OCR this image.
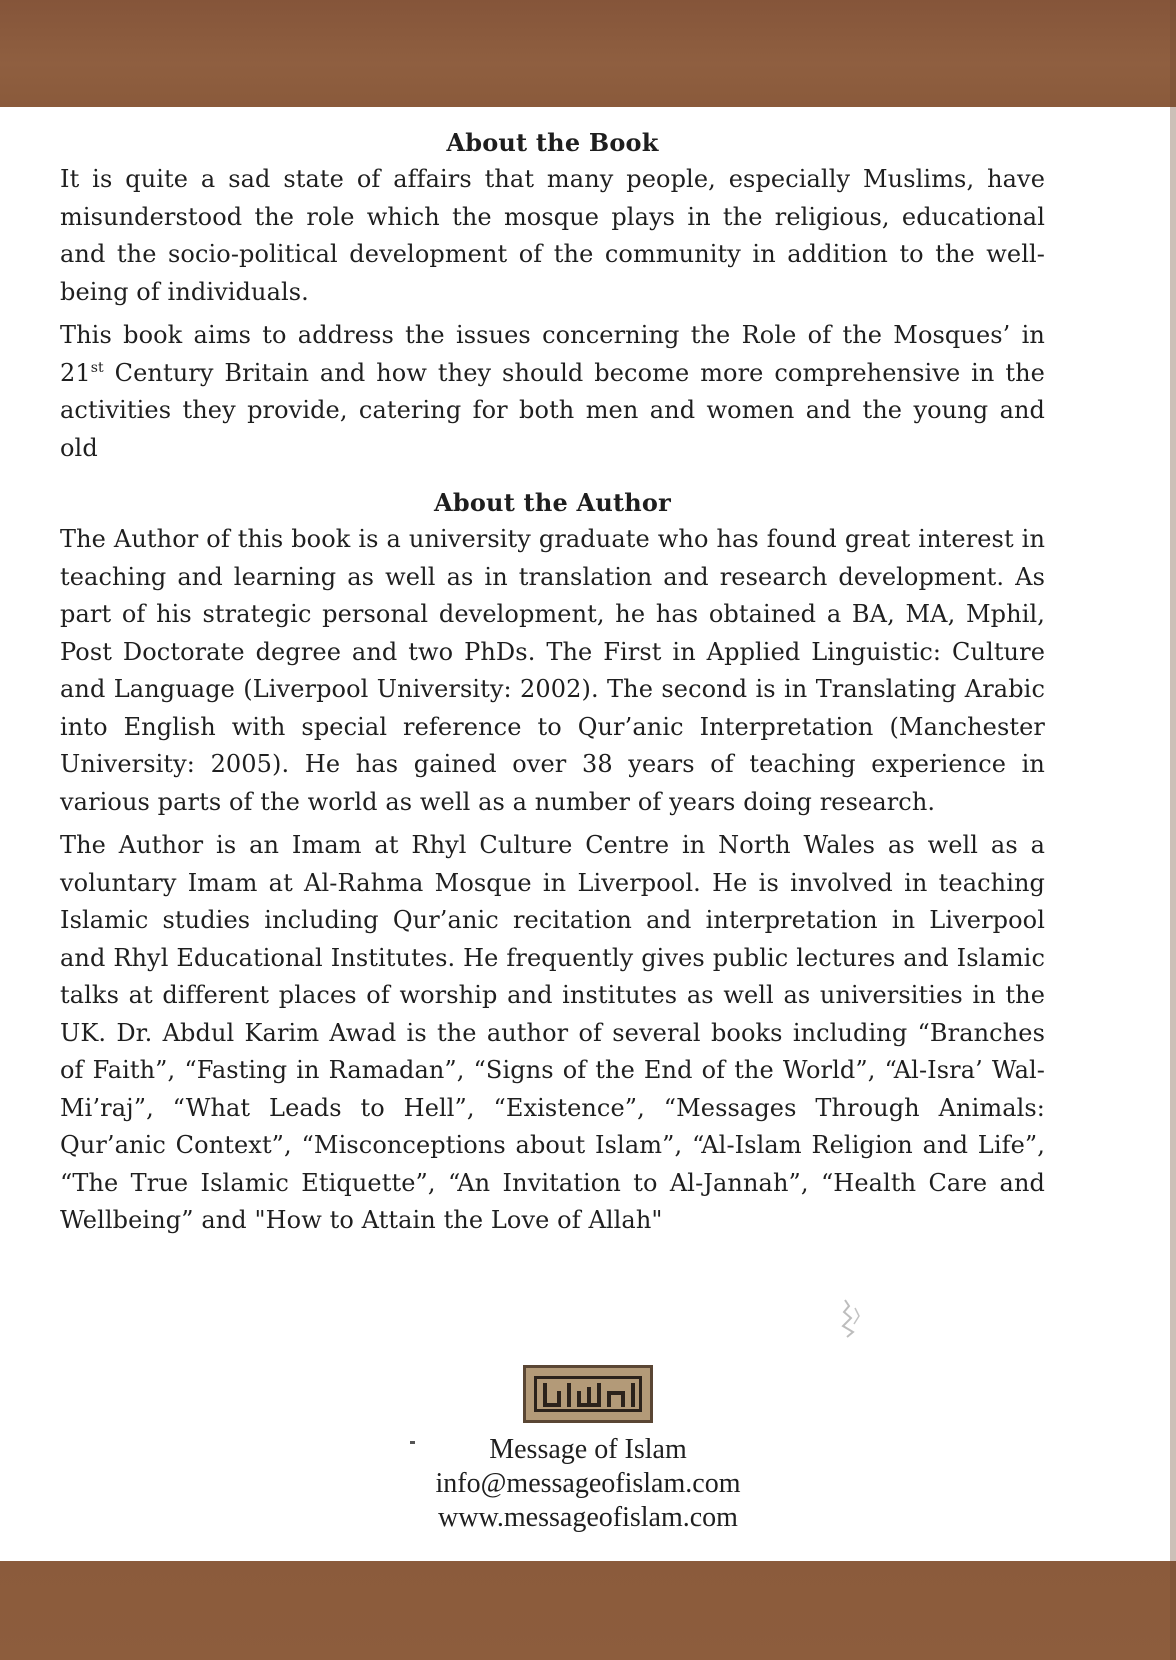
About the Book

It is quite a sad state of affairs that many people, especially Muslims, have misunderstood the role which the mosque plays in the religious, educational and the socio-political development of the community in addition to the well-being of individuals.

This book aims to address the issues concerning the Role of the Mosques’ in 21st Century Britain and how they should become more comprehensive in the activities they provide, catering for both men and women and the young and old

About the Author

The Author of this book is a university graduate who has found great interest in teaching and learning as well as in translation and research development. As part of his strategic personal development, he has obtained a BA, MA, Mphil, Post Doctorate degree and two PhDs. The First in Applied Linguistic: Culture and Language (Liverpool University: 2002). The second is in Translating Arabic into English with special reference to Qur’anic Interpretation (Manchester University: 2005). He has gained over 38 years of teaching experience in various parts of the world as well as a number of years doing research.

The Author is an Imam at Rhyl Culture Centre in North Wales as well as a voluntary Imam at Al-Rahma Mosque in Liverpool. He is involved in teaching Islamic studies including Qur’anic recitation and interpretation in Liverpool and Rhyl Educational Institutes. He frequently gives public lectures and Islamic talks at different places of worship and institutes as well as universities in the UK. Dr. Abdul Karim Awad is the author of several books including “Branches of Faith”, “Fasting in Ramadan”, “Signs of the End of the World”, “Al-Isra’ Wal-Mi’raj”, “What Leads to Hell”, “Existence”, “Messages Through Animals: Qur’anic Context”, “Misconceptions about Islam”, “Al-Islam Religion and Life”, “The True Islamic Etiquette”, “An Invitation to Al-Jannah”, “Health Care and Wellbeing” and "How to Attain the Love of Allah"

Message of Islam
info@messageofislam.com
www.messageofislam.com
